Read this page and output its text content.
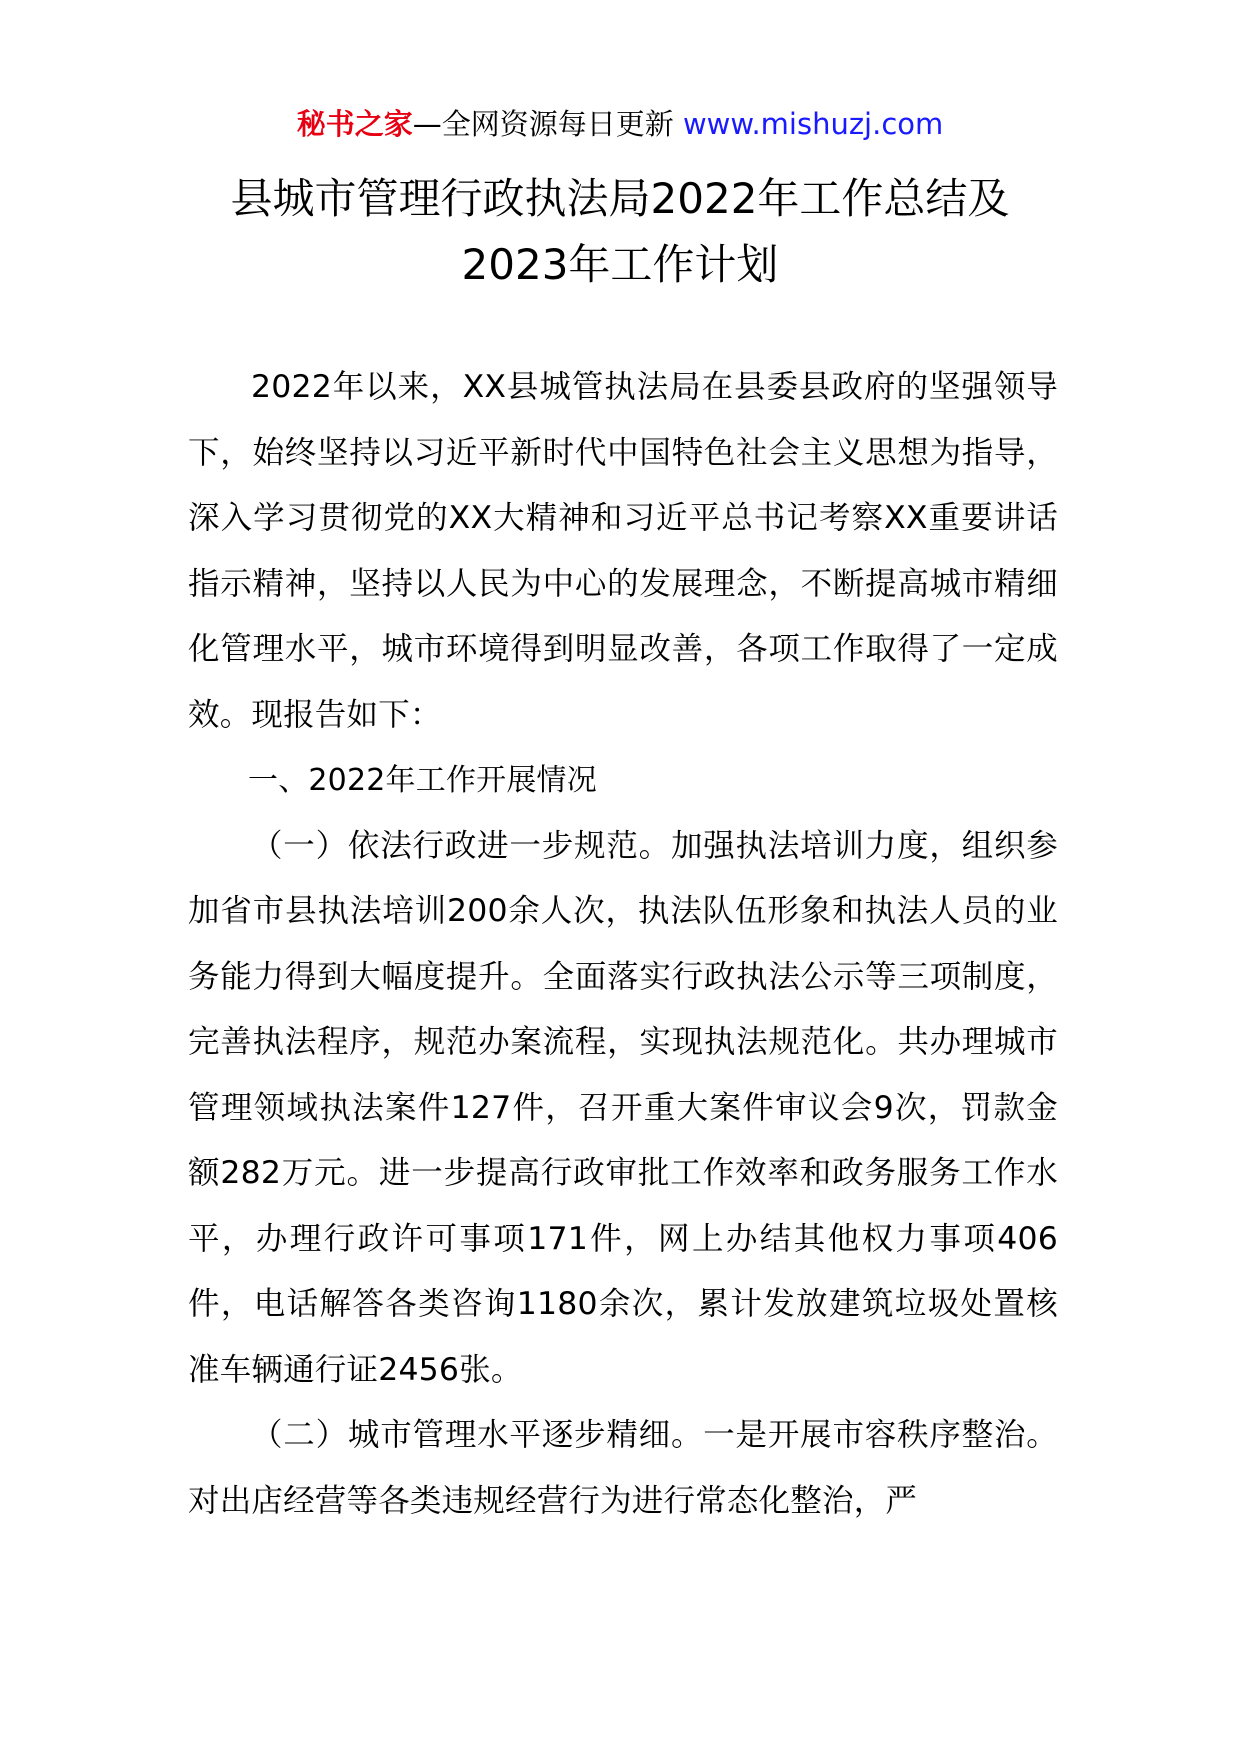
秘书之家—全网资源每日更新 www.mishuzj.com
县城市管理行政执法局2022年工作总结及
2023年工作计划

2022年以来，XX县城管执法局在县委县政府的坚强领导下，始终坚持以习近平新时代中国特色社会主义思想为指导，深入学习贯彻党的XX大精神和习近平总书记考察XX重要讲话指示精神，坚持以人民为中心的发展理念，不断提高城市精细化管理水平，城市环境得到明显改善，各项工作取得了一定成效。现报告如下：

一、2022年工作开展情况

（一）依法行政进一步规范。加强执法培训力度，组织参加省市县执法培训200余人次，执法队伍形象和执法人员的业务能力得到大幅度提升。全面落实行政执法公示等三项制度，完善执法程序，规范办案流程，实现执法规范化。共办理城市管理领域执法案件127件，召开重大案件审议会9次，罚款金额282万元。进一步提高行政审批工作效率和政务服务工作水平，办理行政许可事项171件，网上办结其他权力事项406件，电话解答各类咨询1180余次，累计发放建筑垃圾处置核准车辆通行证2456张。

（二）城市管理水平逐步精细。一是开展市容秩序整治。对出店经营等各类违规经营行为进行常态化整治，严
